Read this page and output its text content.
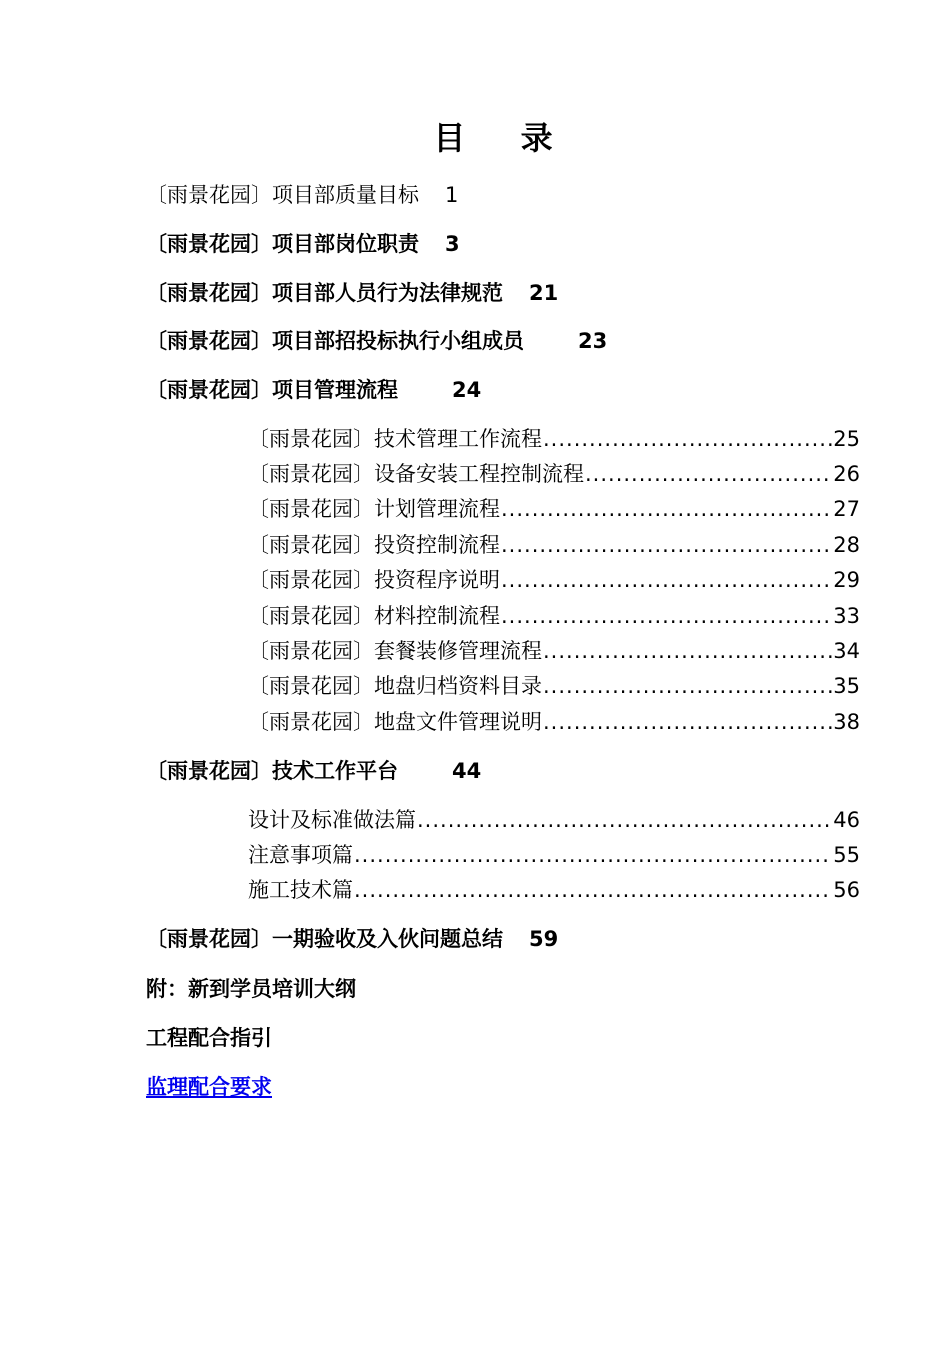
目 录
〔雨景花园〕项目部质量目标 1
〔雨景花园〕项目部岗位职责 3
〔雨景花园〕项目部人员行为法律规范 21
〔雨景花园〕项目部招投标执行小组成员	23
〔雨景花园〕项目管理流程	24
〔雨景花园〕技术管理工作流程 .....	25
〔雨景花园〕设备安装工程控制流程 .....	26
〔雨景花园〕计划管理流程 .....	27
〔雨景花园〕投资控制流程 .....	28
〔雨景花园〕投资程序说明 .....	29
〔雨景花园〕材料控制流程 .....	33
〔雨景花园〕套餐装修管理流程 .....	34
〔雨景花园〕地盘归档资料目录 .....	35
〔雨景花园〕地盘文件管理说明 .....	38
〔雨景花园〕技术工作平台	44
设计及标准做法篇 .....	46
注意事项篇 .....	55
施工技术篇 .....	56
〔雨景花园〕一期验收及入伙问题总结 59
附：新到学员培训大纲
工程配合指引
监理配合要求
